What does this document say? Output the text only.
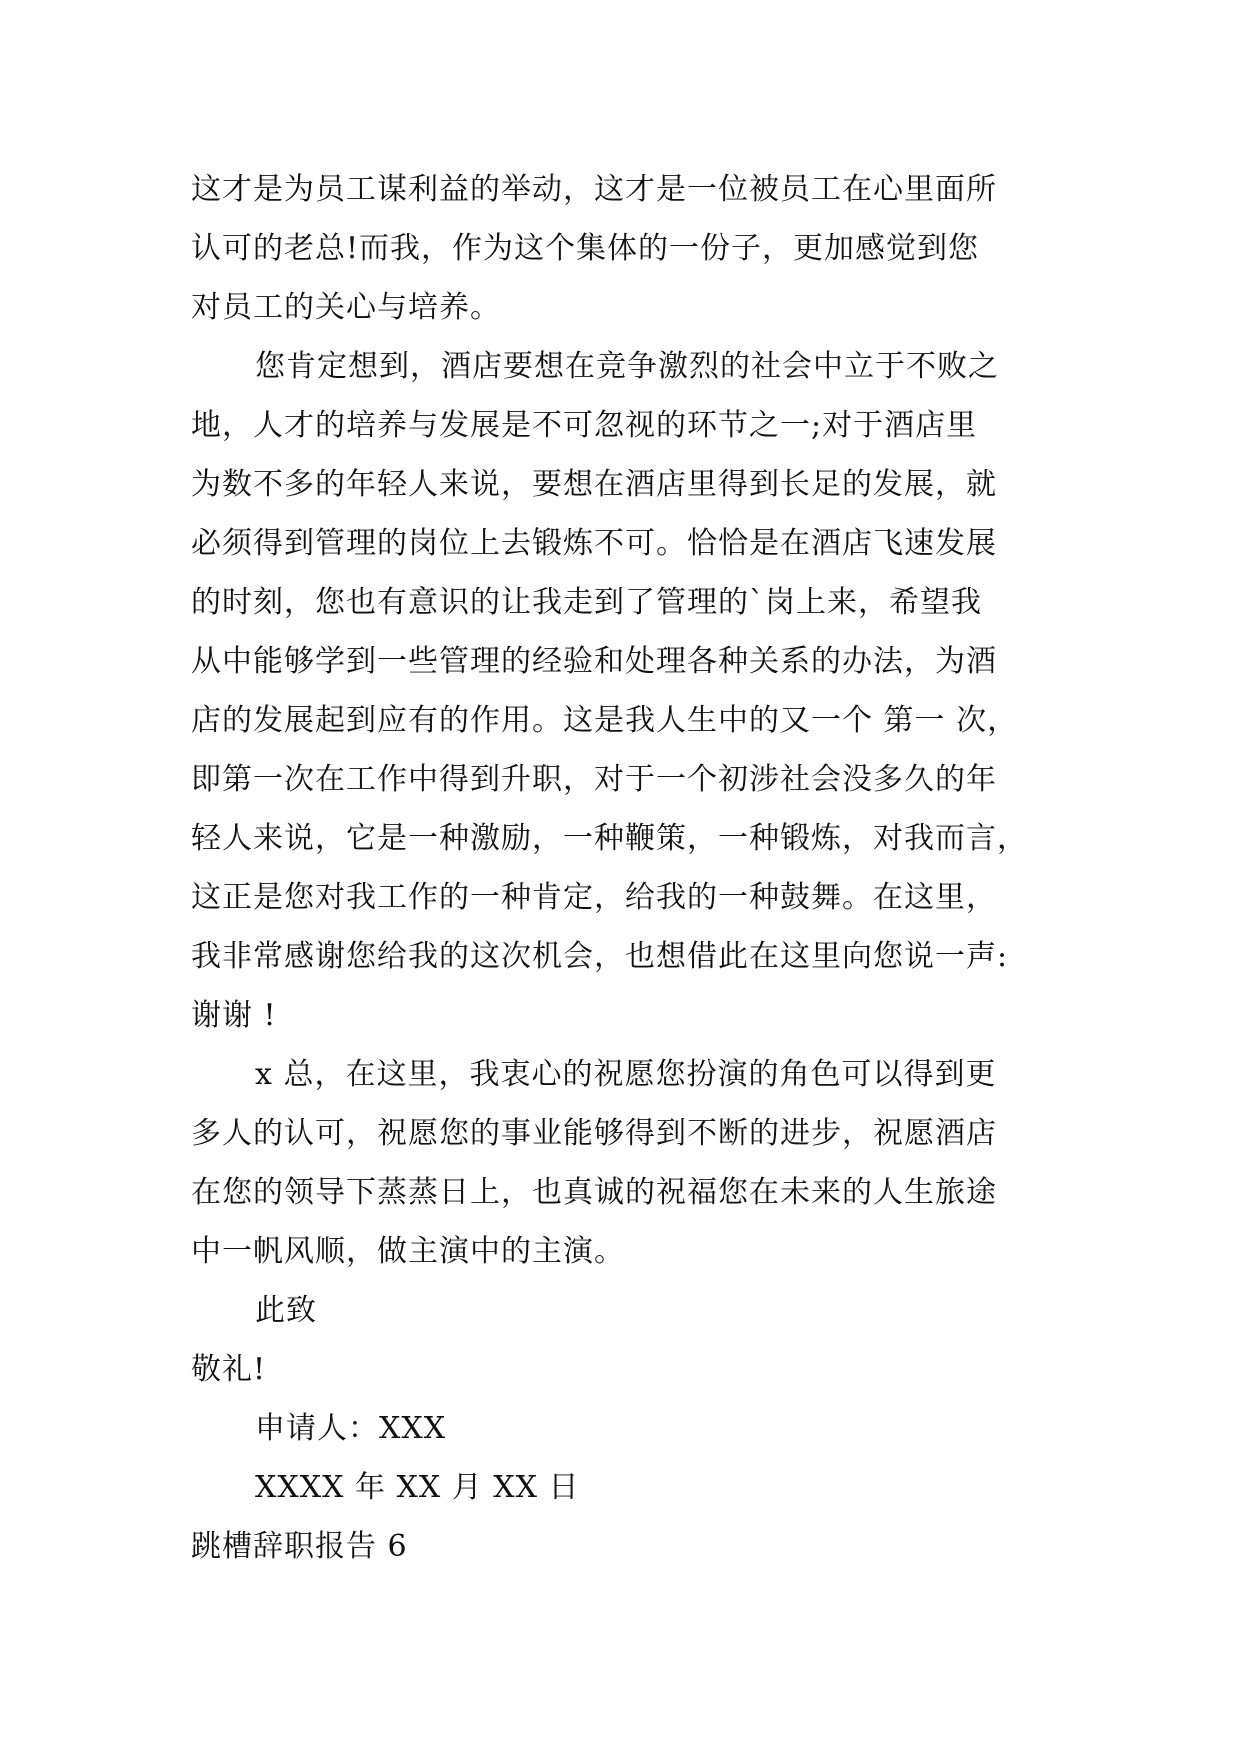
这才是为员工谋利益的举动，这才是一位被员工在心里面所
认可的老总!而我，作为这个集体的一份子，更加感觉到您
对员工的关心与培养。
您肯定想到，酒店要想在竞争激烈的社会中立于不败之
地，人才的培养与发展是不可忽视的环节之一;对于酒店里
为数不多的年轻人来说，要想在酒店里得到长足的发展，就
必须得到管理的岗位上去锻炼不可。恰恰是在酒店飞速发展
的时刻，您也有意识的让我走到了管理的`岗上来，希望我
从中能够学到一些管理的经验和处理各种关系的办法，为酒
店的发展起到应有的作用。这是我人生中的又一个 第一 次，
即第一次在工作中得到升职，对于一个初涉社会没多久的年
轻人来说，它是一种激励，一种鞭策，一种锻炼，对我而言，
这正是您对我工作的一种肯定，给我的一种鼓舞。在这里，
我非常感谢您给我的这次机会，也想借此在这里向您说一声:
谢谢 !
x 总，在这里，我衷心的祝愿您扮演的角色可以得到更
多人的认可，祝愿您的事业能够得到不断的进步，祝愿酒店
在您的领导下蒸蒸日上，也真诚的祝福您在未来的人生旅途
中一帆风顺，做主演中的主演。
此致
敬礼!
申请人：XXX
XXXX 年 XX 月 XX 日
跳槽辞职报告 6
